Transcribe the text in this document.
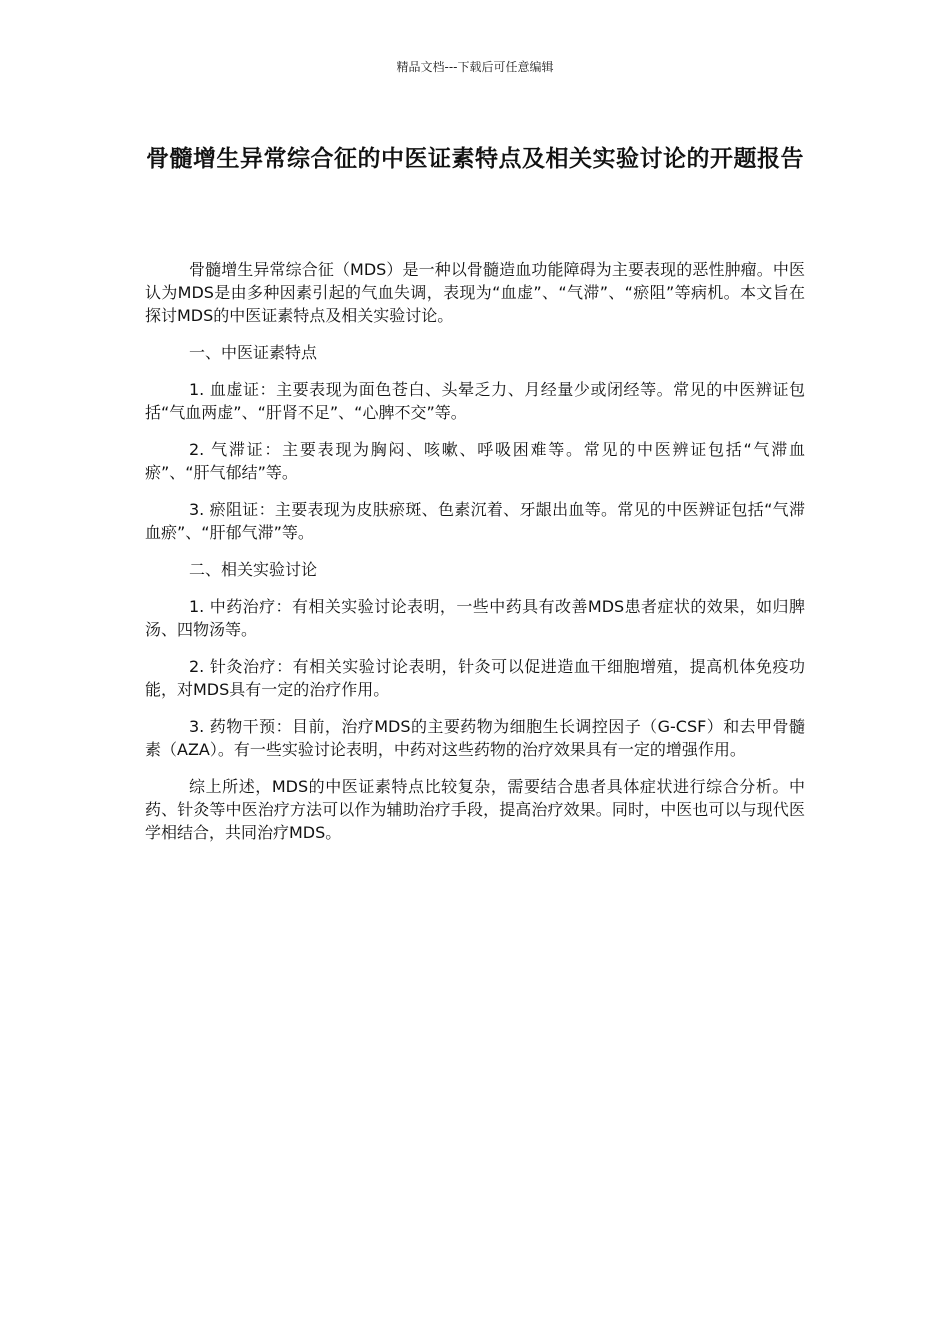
精品文档---下载后可任意编辑
骨髓增生异常综合征的中医证素特点及相关实验讨论的开题报告

骨髓增生异常综合征（MDS）是一种以骨髓造血功能障碍为主要表现的恶性肿瘤。中医认为MDS是由多种因素引起的气血失调，表现为“血虚”、“气滞”、“瘀阻”等病机。本文旨在探讨MDS的中医证素特点及相关实验讨论。

一、中医证素特点

1. 血虚证：主要表现为面色苍白、头晕乏力、月经量少或闭经等。常见的中医辨证包括“气血两虚”、“肝肾不足”、“心脾不交”等。

2. 气滞证：主要表现为胸闷、咳嗽、呼吸困难等。常见的中医辨证包括“气滞血瘀”、“肝气郁结”等。

3. 瘀阻证：主要表现为皮肤瘀斑、色素沉着、牙龈出血等。常见的中医辨证包括“气滞血瘀”、“肝郁气滞”等。

二、相关实验讨论

1. 中药治疗：有相关实验讨论表明，一些中药具有改善MDS患者症状的效果，如归脾汤、四物汤等。

2. 针灸治疗：有相关实验讨论表明，针灸可以促进造血干细胞增殖，提高机体免疫功能，对MDS具有一定的治疗作用。

3. 药物干预：目前，治疗MDS的主要药物为细胞生长调控因子（G-CSF）和去甲骨髓素（AZA）。有一些实验讨论表明，中药对这些药物的治疗效果具有一定的增强作用。

综上所述，MDS的中医证素特点比较复杂，需要结合患者具体症状进行综合分析。中药、针灸等中医治疗方法可以作为辅助治疗手段，提高治疗效果。同时，中医也可以与现代医学相结合，共同治疗MDS。
